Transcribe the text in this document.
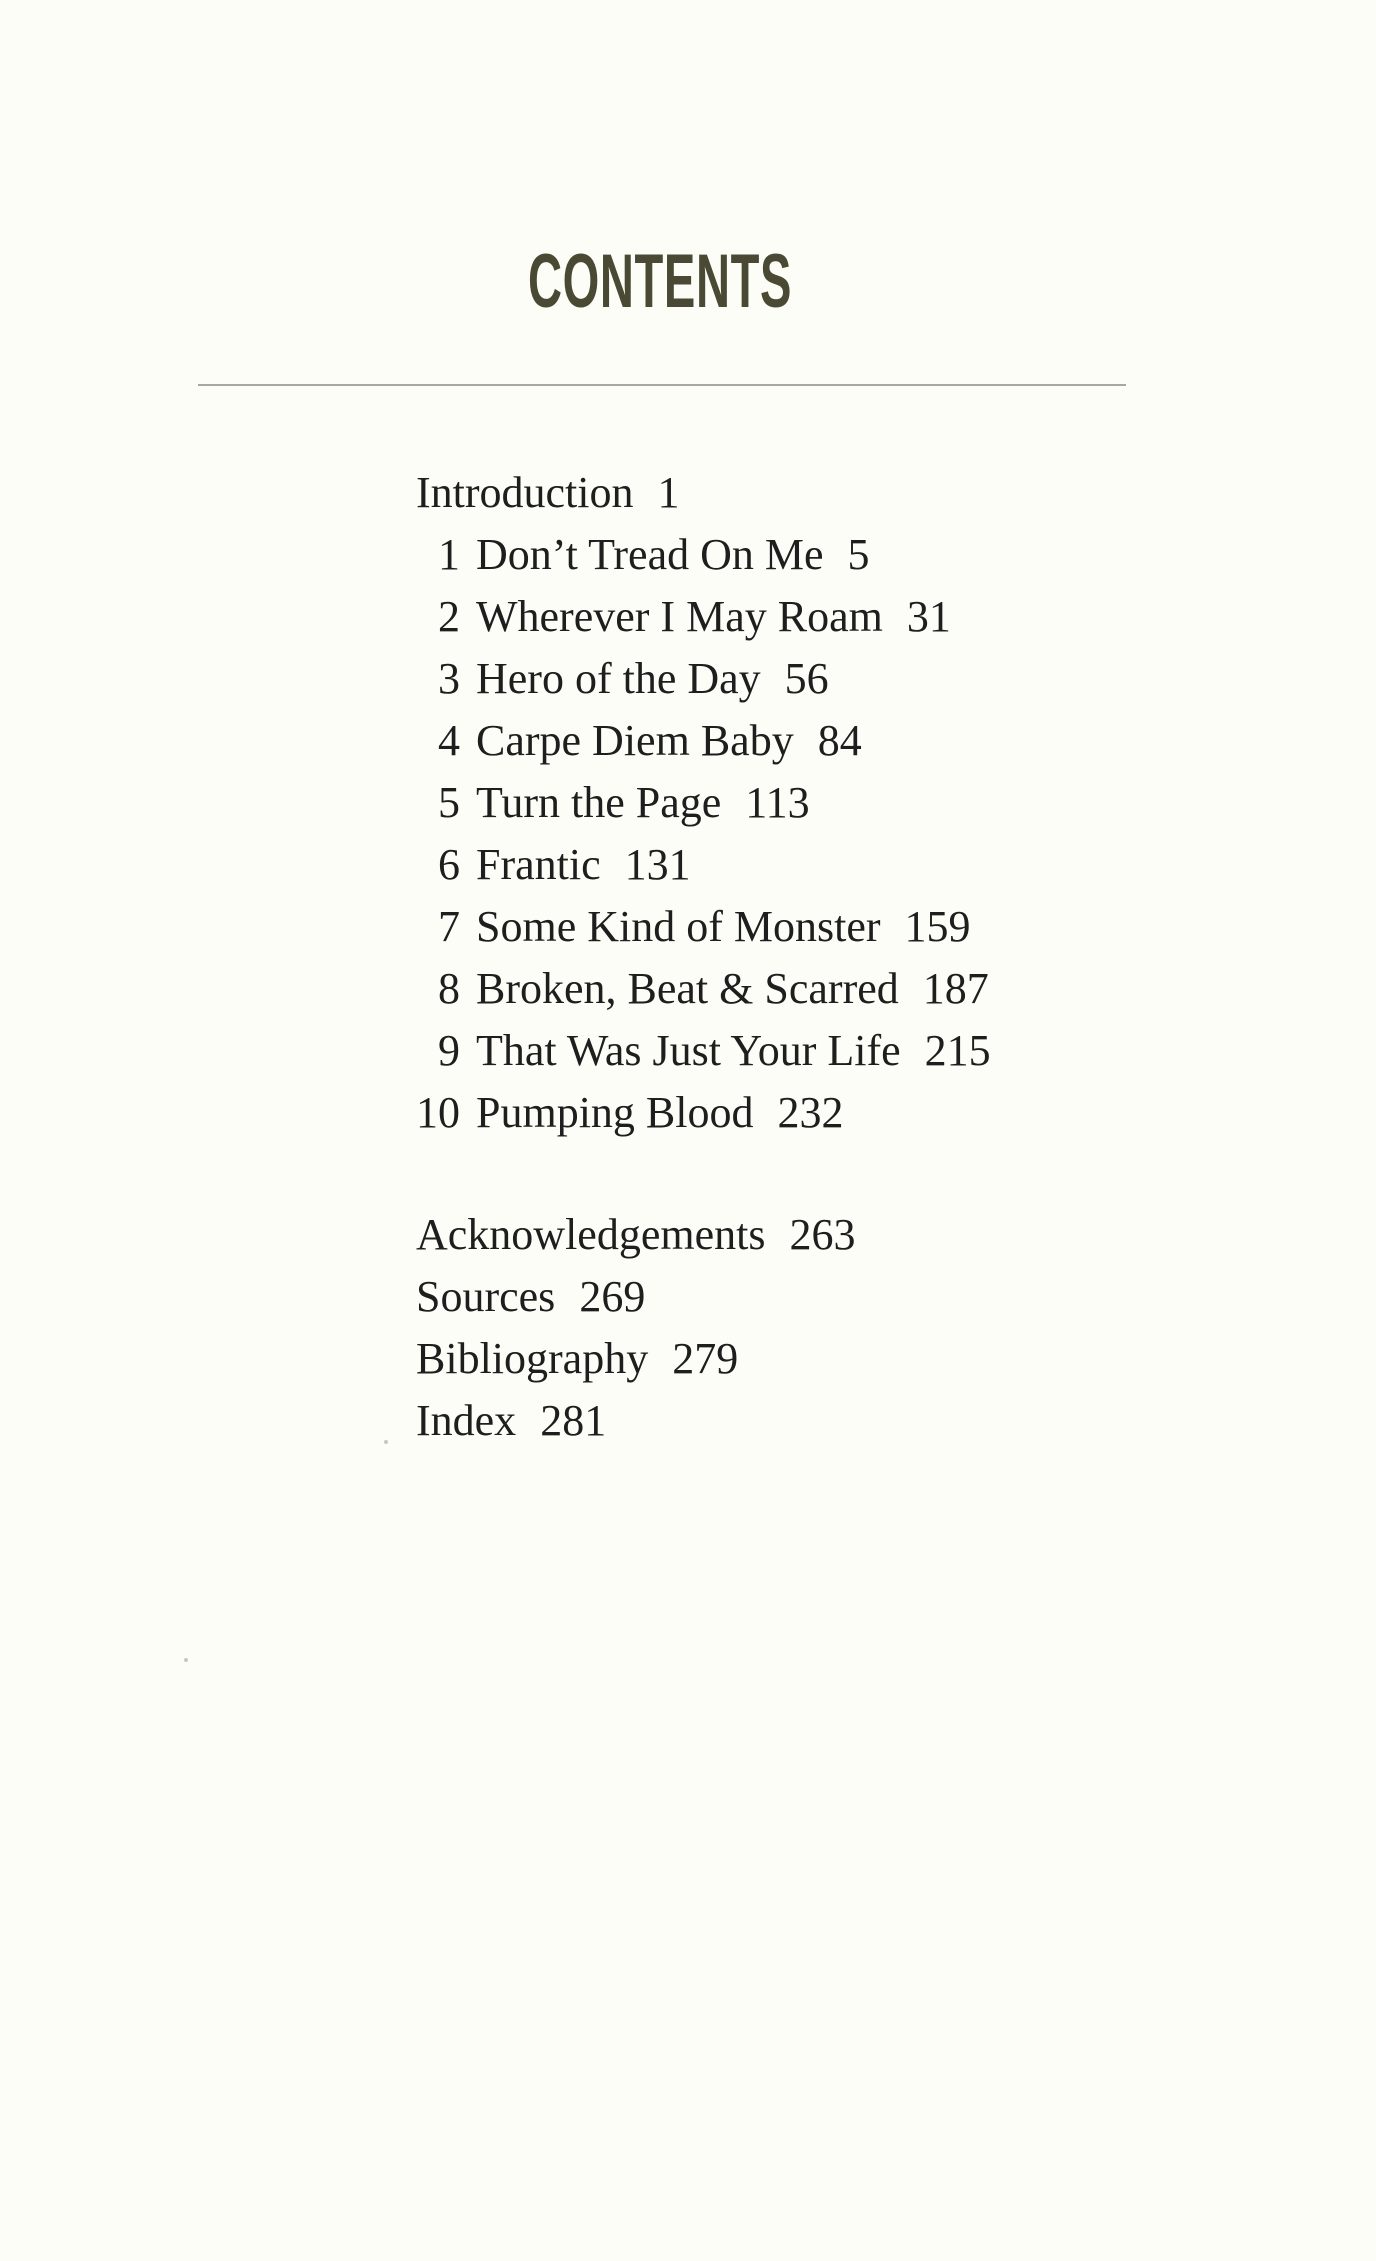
CONTENTS
Introduction 1
1 Don’t Tread On Me 5
2 Wherever I May Roam 31
3 Hero of the Day 56
4 Carpe Diem Baby 84
5 Turn the Page 113
6 Frantic 131
7 Some Kind of Monster 159
8 Broken, Beat & Scarred 187
9 That Was Just Your Life 215
10 Pumping Blood 232
Acknowledgements 263
Sources 269
Bibliography 279
Index 281
